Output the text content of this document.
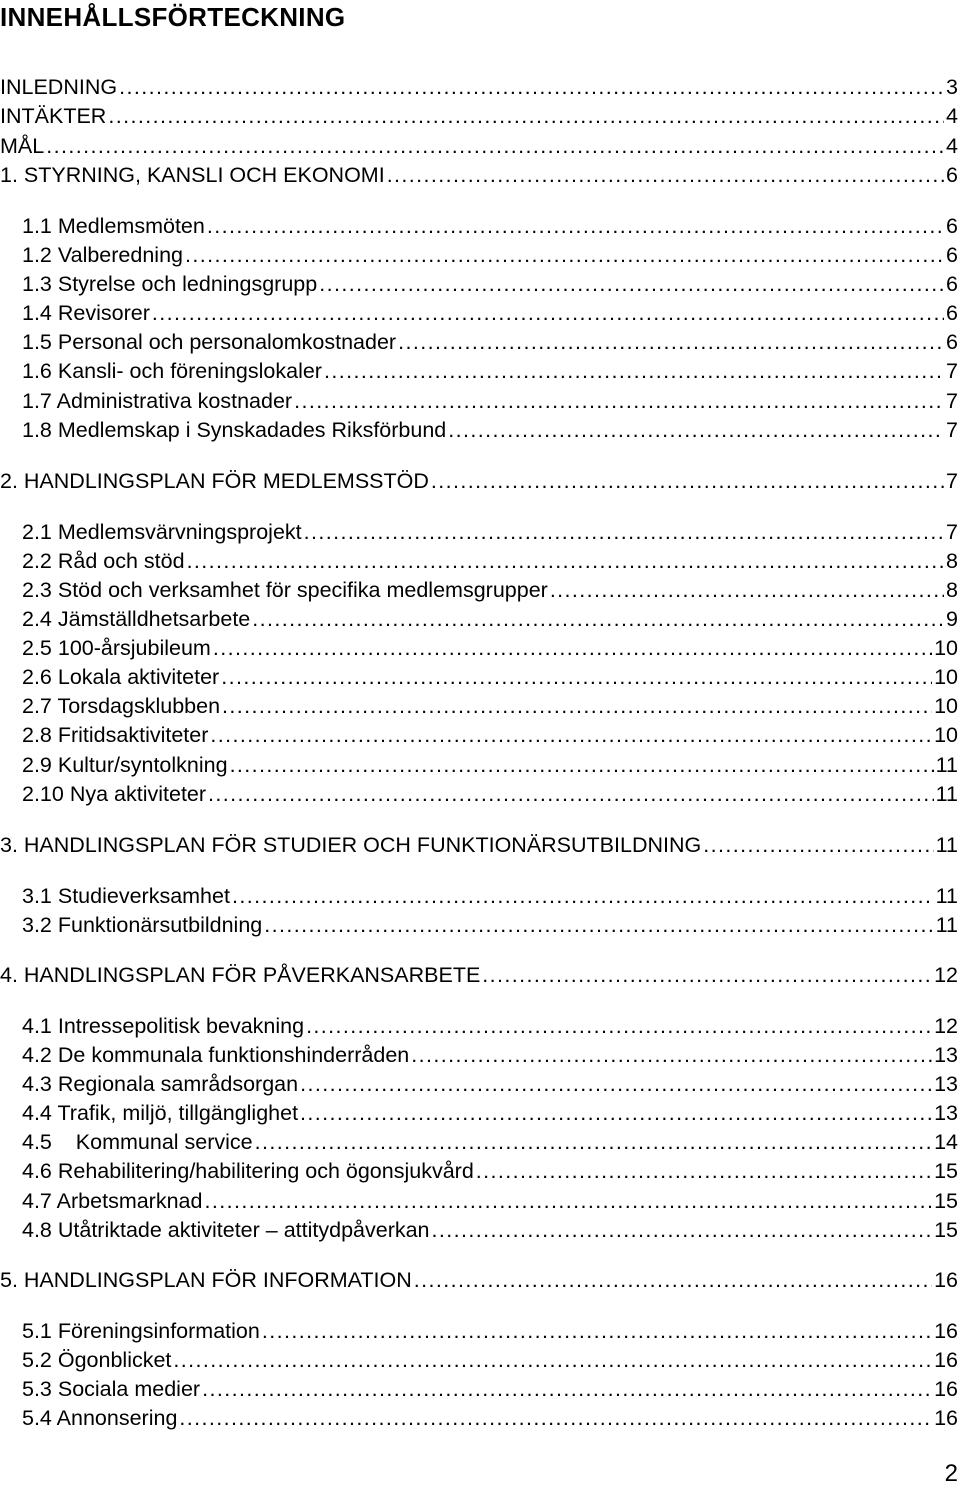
INNEHÅLLSFÖRTECKNING
INLEDNING .....	3
INTÄKTER .....	4
MÅL .....	4
1. STYRNING, KANSLI OCH EKONOMI .....	6
1.1 Medlemsmöten .....	6
1.2 Valberedning .....	6
1.3 Styrelse och ledningsgrupp .....	6
1.4 Revisorer .....	6
1.5 Personal och personalomkostnader .....	6
1.6 Kansli- och föreningslokaler .....	7
1.7 Administrativa kostnader .....	7
1.8 Medlemskap i Synskadades Riksförbund .....	7
2. HANDLINGSPLAN FÖR MEDLEMSSTÖD .....	7
2.1 Medlemsvärvningsprojekt .....	7
2.2 Råd och stöd .....	8
2.3 Stöd och verksamhet för specifika medlemsgrupper .....	8
2.4 Jämställdhetsarbete .....	9
2.5 100-årsjubileum .....	10
2.6 Lokala aktiviteter .....	10
2.7 Torsdagsklubben .....	10
2.8 Fritidsaktiviteter .....	10
2.9 Kultur/syntolkning .....	11
2.10 Nya aktiviteter .....	11
3. HANDLINGSPLAN FÖR STUDIER OCH FUNKTIONÄRSUTBILDNING .....	11
3.1 Studieverksamhet .....	11
3.2 Funktionärsutbildning .....	11
4. HANDLINGSPLAN FÖR PÅVERKANSARBETE .....	12
4.1 Intressepolitisk bevakning .....	12
4.2 De kommunala funktionshinderråden .....	13
4.3 Regionala samrådsorgan .....	13
4.4 Trafik, miljö, tillgänglighet .....	13
4.5    Kommunal service .....	14
4.6 Rehabilitering/habilitering och ögonsjukvård .....	15
4.7 Arbetsmarknad .....	15
4.8 Utåtriktade aktiviteter – attitydpåverkan .....	15
5. HANDLINGSPLAN FÖR INFORMATION .....	16
5.1 Föreningsinformation .....	16
5.2 Ögonblicket .....	16
5.3 Sociala medier .....	16
5.4 Annonsering .....	16
2
